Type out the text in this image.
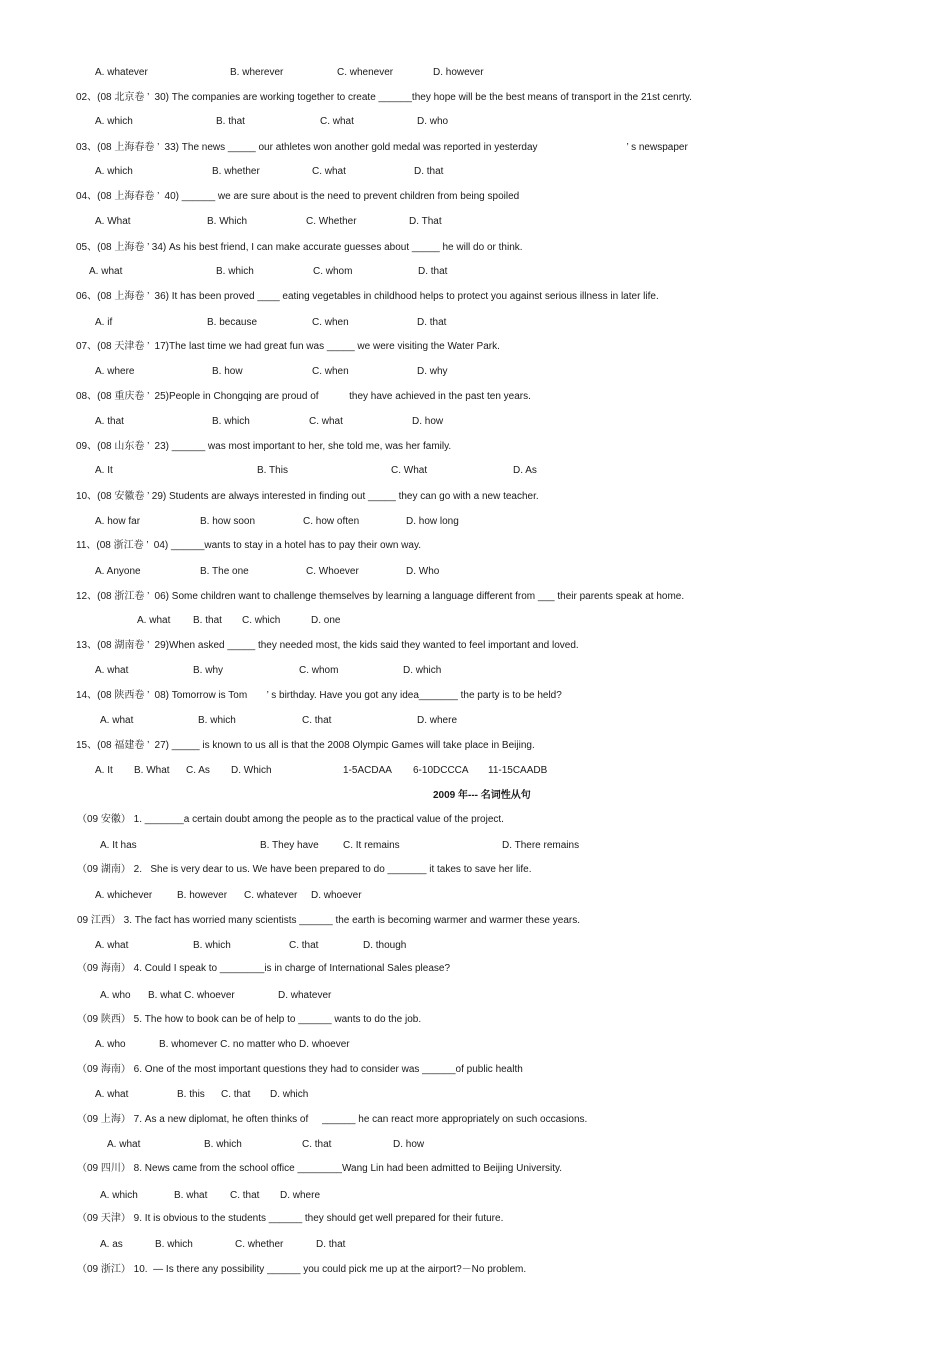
A. whatever	B. wherever	C. whenever	D. however
02、(08 北京卷 ’  30) The companies are working together to create ______they hope will be the best means of transport in the 21st cenrty.
A. which	B. that	C. what	D. who
03、(08 上海春卷 ’  33) The news _____ our athletes won another gold medal was reported in yesterday                                ’ s newspaper
A. which	B. whether	C. what	D. that
04、(08 上海春卷 ’  40) ______ we are sure about is the need to prevent children from being spoiled
A. What	B. Which	C. Whether	D. That
05、(08 上海卷 ’ 34) As his best friend, I can make accurate guesses about _____ he will do or think.
A. what	B. which	C. whom	D. that
06、(08 上海卷 ’  36) It has been proved ____ eating vegetables in childhood helps to protect you against serious illness in later life.
A. if	B. because	C. when	D. that
07、(08 天津卷 ’  17)The last time we had great fun was _____ we were visiting the Water Park.
A. where	B. how	C. when	D. why
08、(08 重庆卷 ’  25)People in Chongqing are proud of           they have achieved in the past ten years.
A. that	B. which	C. what	D. how
09、(08 山东卷 ’  23) ______ was most important to her, she told me, was her family.
A. It	B. This	C. What	D. As
10、(08 安徽卷 ’ 29) Students are always interested in finding out _____ they can go with a new teacher.
A. how far	B. how soon	C. how often	D. how long
11、(08 浙江卷 ’  04) ______wants to stay in a hotel has to pay their own way.
A. Anyone	B. The one	C. Whoever	D. Who
12、(08 浙江卷 ’  06) Some children want to challenge themselves by learning a language different from ___ their parents speak at home.
A. what B. that C. which	D. one
13、(08 湖南卷 ’  29)When asked _____ they needed most, the kids said they wanted to feel important and loved.
A. what	B. why	C. whom	D. which
14、(08 陕西卷 ’  08) Tomorrow is Tom       ’ s birthday. Have you got any idea_______ the party is to be held?
A. what	B. which	C. that	D. where
15、(08 福建卷 ’  27) _____ is known to us all is that the 2008 Olympic Games will take place in Beijing.
A. It B. What C. As D. Which	1-5ACDAA 6-10DCCCA 11-15CAADB
（09 安徽） 1. _______a certain doubt among the people as to the practical value of the project.
A. It has	B. They have C. It remains	D. There remains
（09 湖南） 2.   She is very dear to us. We have been prepared to do _______ it takes to save her life.
A. whichever B. however C. whatever D. whoever
09 江西） 3. The fact has worried many scientists ______ the earth is becoming warmer and warmer these years.
A. what	B. which	C. that	D. though
（09 海南） 4. Could I speak to ________is in charge of International Sales please?
A. who B. what C. whoever	D. whatever
（09 陕西） 5. The how to book can be of help to ______ wants to do the job.
A. who	B. whomever C. no matter who D. whoever
（09 海南） 6. One of the most important questions they had to consider was ______of public health
A. what	B. this C. that D. which
（09 上海） 7. As a new diplomat, he often thinks of     ______ he can react more appropriately on such occasions.
A. what	B. which	C. that	D. how
（09 四川） 8. News came from the school office ________Wang Lin had been admitted to Beijing University.
A. which	B. what C. that D. where
（09 天津） 9. It is obvious to the students ______ they should get well prepared for their future.
A. as	B. which	C. whether	D. that
（09 浙江） 10.  — Is there any possibility ______ you could pick me up at the airport?－No problem.
2009 年--- 名词性从句
